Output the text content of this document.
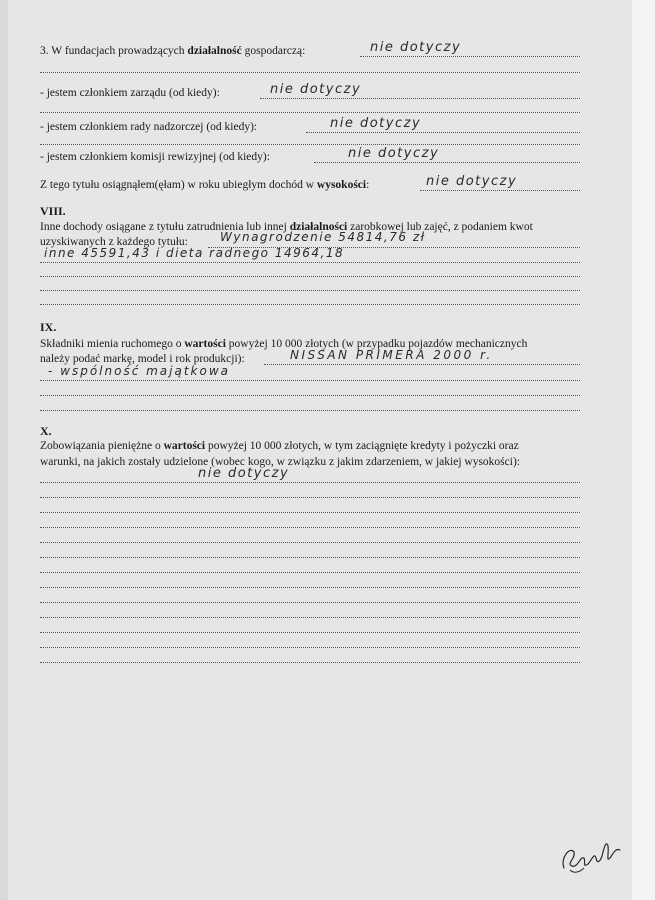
3. W fundacjach prowadzących działalność gospodarczą:	nie dotyczy
- jestem członkiem zarządu (od kiedy):	nie dotyczy
- jestem członkiem rady nadzorczej (od kiedy):	nie dotyczy
- jestem członkiem komisji rewizyjnej (od kiedy):	nie dotyczy
Z tego tytułu osiągnąłem(ęłam) w roku ubiegłym dochód w wysokości:	nie dotyczy
VIII.
Inne dochody osiągane z tytułu zatrudnienia lub innej działalności zarobkowej lub zajęć, z podaniem kwot
uzyskiwanych z każdego tytułu:	Wynagrodzenie 54814,76 zł
inne 45591,43 i dieta radnego 14964,18
IX.
Składniki mienia ruchomego o wartości powyżej 10 000 złotych (w przypadku pojazdów mechanicznych
należy podać markę, model i rok produkcji):	NISSAN PRIMERA 2000 r.
- wspólność majątkowa
X.
Zobowiązania pieniężne o wartości powyżej 10 000 złotych, w tym zaciągnięte kredyty i pożyczki oraz
warunki, na jakich zostały udzielone (wobec kogo, w związku z jakim zdarzeniem, w jakiej wysokości):
nie dotyczy
